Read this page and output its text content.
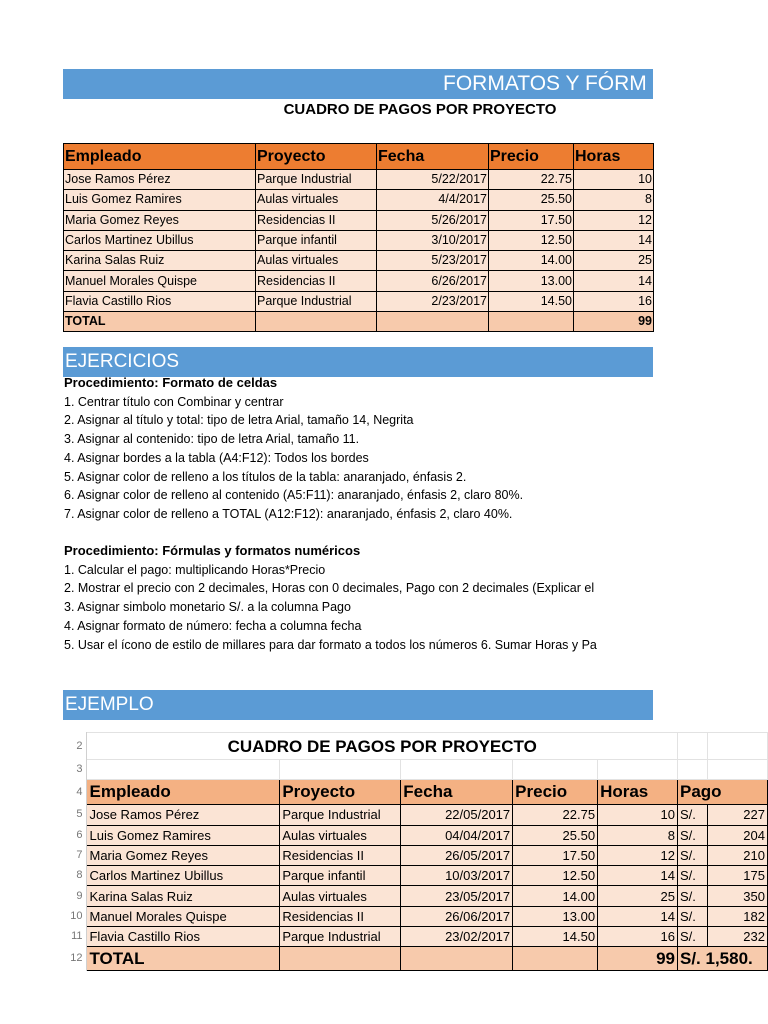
FORMATOS Y FÓRM
CUADRO DE PAGOS POR PROYECTO
Empleado	Proyecto	Fecha	Precio	Horas
Jose Ramos Pérez	Parque Industrial	5/22/2017	22.75	10
Luis Gomez Ramires	Aulas virtuales	4/4/2017	25.50	8
Maria Gomez Reyes	Residencias II	5/26/2017	17.50	12
Carlos Martinez Ubillus	Parque infantil	3/10/2017	12.50	14
Karina Salas Ruiz	Aulas virtuales	5/23/2017	14.00	25
Manuel Morales Quispe	Residencias II	6/26/2017	13.00	14
Flavia Castillo Rios	Parque Industrial	2/23/2017	14.50	16
TOTAL				99
EJERCICIOS
Procedimiento: Formato de celdas
1. Centrar título con Combinar y centrar
2. Asignar al título y total: tipo de letra Arial, tamaño 14, Negrita
3. Asignar al contenido: tipo de letra Arial, tamaño 11.
4. Asignar bordes a la tabla (A4:F12): Todos los bordes
5. Asignar color de relleno a los títulos de la tabla: anaranjado, énfasis 2.
6. Asignar color de relleno al contenido (A5:F11): anaranjado, énfasis 2, claro 80%.
7. Asignar color de relleno a TOTAL (A12:F12): anaranjado, énfasis 2, claro 40%.
Procedimiento: Fórmulas y formatos numéricos
1. Calcular el pago: multiplicando Horas*Precio
2. Mostrar el precio con 2 decimales, Horas con 0 decimales, Pago con 2 decimales (Explicar el
3. Asignar simbolo monetario S/. a la columna Pago
4. Asignar formato de número: fecha a columna fecha
5. Usar el ícono de estilo de millares para dar formato a todos los números 6. Sumar Horas y Pa
EJEMPLO
2	CUADRO DE PAGOS POR PROYECTO						
3							
4	Empleado	Proyecto	Fecha	Precio	Horas	Pago	
5	Jose Ramos Pérez	Parque Industrial	22/05/2017	22.75	10	S/.	227
6	Luis Gomez Ramires	Aulas virtuales	04/04/2017	25.50	8	S/.	204
7	Maria Gomez Reyes	Residencias II	26/05/2017	17.50	12	S/.	210
8	Carlos Martinez Ubillus	Parque infantil	10/03/2017	12.50	14	S/.	175
9	Karina Salas Ruiz	Aulas virtuales	23/05/2017	14.00	25	S/.	350
10	Manuel Morales Quispe	Residencias II	26/06/2017	13.00	14	S/.	182
11	Flavia Castillo Rios	Parque Industrial	23/02/2017	14.50	16	S/.	232
12	TOTAL				99	S/. 1,580.	
